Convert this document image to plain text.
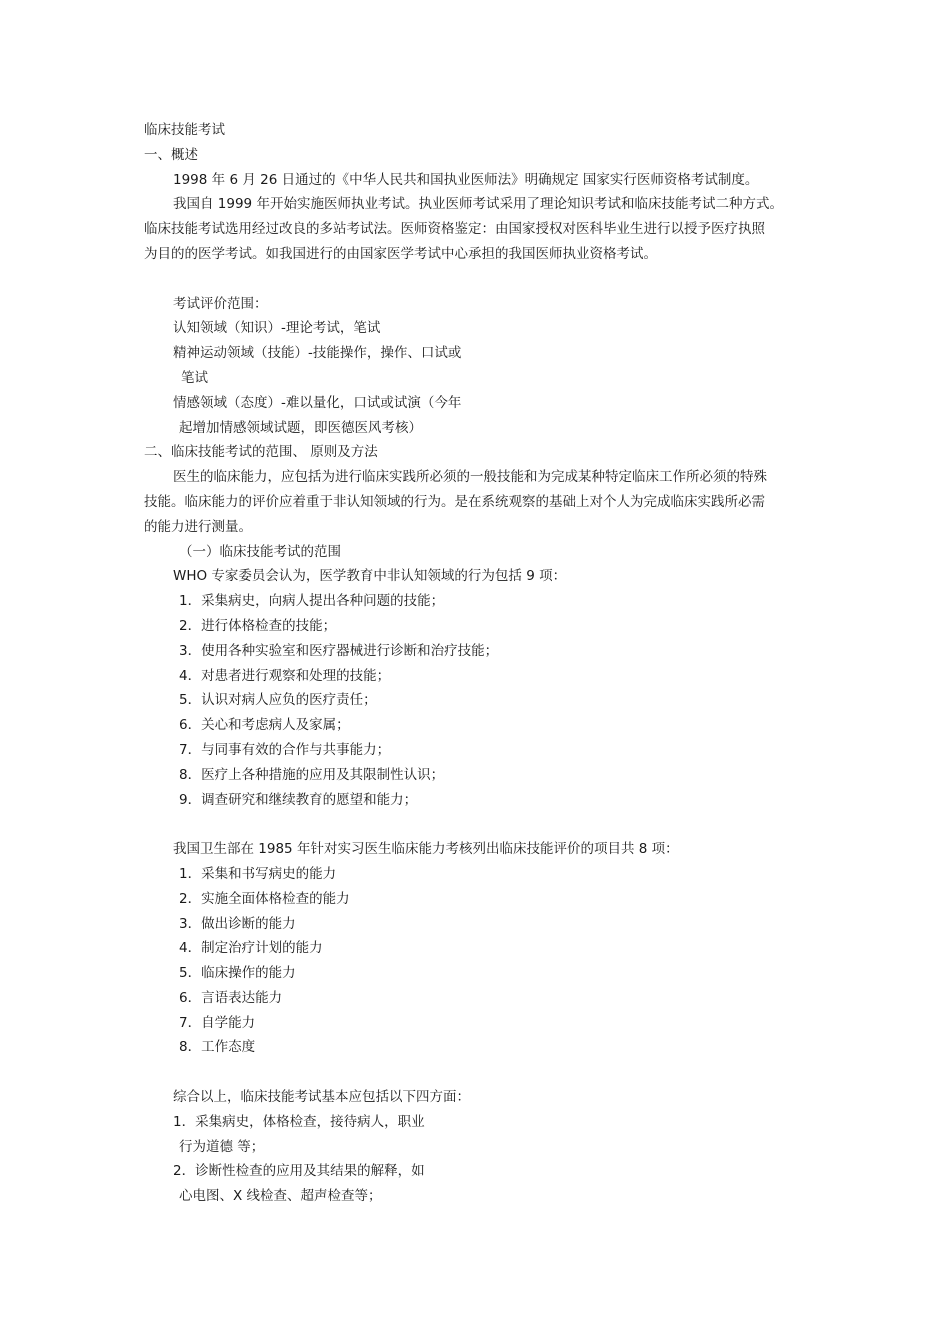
临床技能考试
一、概述
1998 年 6 月 26 日通过的《中华人民共和国执业医师法》明确规定 国家实行医师资格考试制度。
我国自 1999 年开始实施医师执业考试。执业医师考试采用了理论知识考试和临床技能考试二种方式。
临床技能考试选用经过改良的多站考试法。医师资格鉴定：由国家授权对医科毕业生进行以授予医疗执照
为目的的医学考试。如我国进行的由国家医学考试中心承担的我国医师执业资格考试。
考试评价范围：
认知领域（知识）-理论考试，笔试
精神运动领域（技能）-技能操作，操作、口试或
笔试
情感领域（态度）-难以量化，口试或试演（今年
起增加情感领域试题，即医德医风考核）
二、临床技能考试的范围、 原则及方法
医生的临床能力，应包括为进行临床实践所必须的一般技能和为完成某种特定临床工作所必须的特殊
技能。临床能力的评价应着重于非认知领域的行为。是在系统观察的基础上对个人为完成临床实践所必需
的能力进行测量。
（一）临床技能考试的范围
WHO 专家委员会认为，医学教育中非认知领域的行为包括 9 项：
1．采集病史，向病人提出各种问题的技能；
2．进行体格检查的技能；
3．使用各种实验室和医疗器械进行诊断和治疗技能；
4．对患者进行观察和处理的技能；
5．认识对病人应负的医疗责任；
6．关心和考虑病人及家属；
7．与同事有效的合作与共事能力；
8．医疗上各种措施的应用及其限制性认识；
9．调查研究和继续教育的愿望和能力；
我国卫生部在 1985 年针对实习医生临床能力考核列出临床技能评价的项目共 8 项：
1．采集和书写病史的能力
2．实施全面体格检查的能力
3．做出诊断的能力
4．制定治疗计划的能力
5．临床操作的能力
6．言语表达能力
7．自学能力
8．工作态度
综合以上，临床技能考试基本应包括以下四方面：
1．采集病史，体格检查，接待病人，职业
行为道德 等；
2．诊断性检查的应用及其结果的解释，如
心电图、X 线检查、超声检查等；
